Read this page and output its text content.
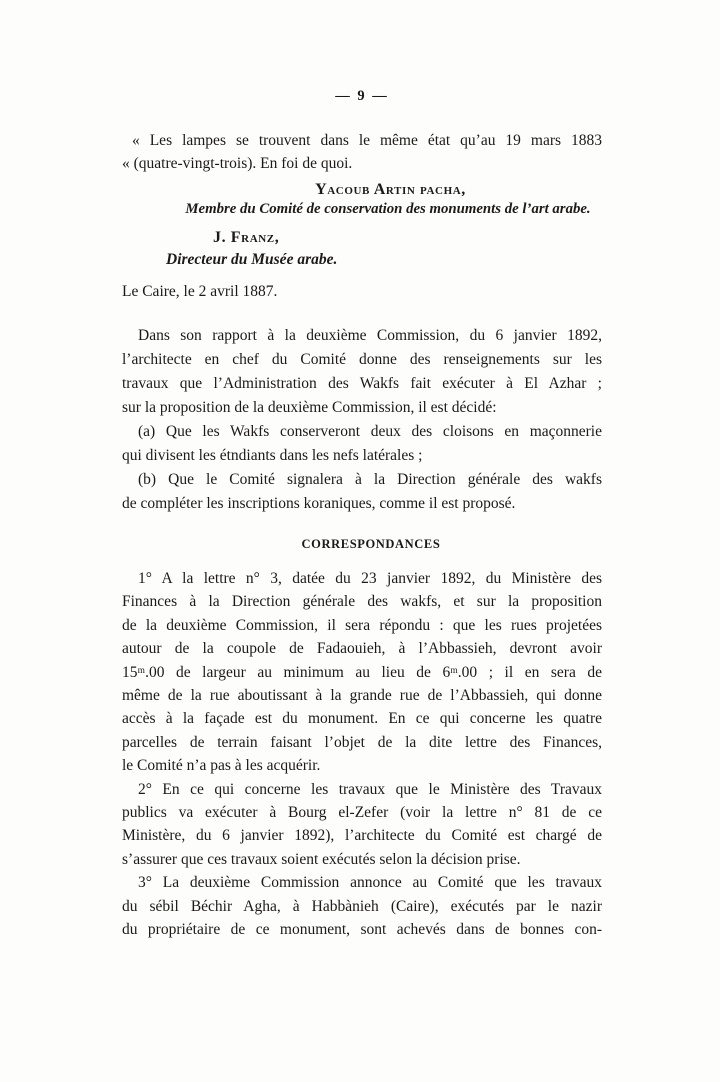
— 9 —
« Les lampes se trouvent dans le même état qu’au 19 mars 1883
« (quatre-vingt-trois). En foi de quoi.
Yacoub Artin pacha,
Membre du Comité de conservation des monuments de l’art arabe.
J. Franz,
Directeur du Musée arabe.
Le Caire, le 2 avril 1887.
Dans son rapport à la deuxième Commission, du 6 janvier 1892,
l’architecte en chef du Comité donne des renseignements sur les
travaux que l’Administration des Wakfs fait exécuter à El Azhar ;
sur la proposition de la deuxième Commission, il est décidé:
(a) Que les Wakfs conserveront deux des cloisons en maçonnerie
qui divisent les étndiants dans les nefs latérales ;
(b) Que le Comité signalera à la Direction générale des wakfs
de compléter les inscriptions koraniques, comme il est proposé.
CORRESPONDANCES
1° A la lettre n° 3, datée du 23 janvier 1892, du Ministère des
Finances à la Direction générale des wakfs, et sur la proposition
de la deuxième Commission, il sera répondu : que les rues projetées
autour de la coupole de Fadaouieh, à l’Abbassieh, devront avoir
15ᵐ.00 de largeur au minimum au lieu de 6ᵐ.00 ; il en sera de
même de la rue aboutissant à la grande rue de l’Abbassieh, qui donne
accès à la façade est du monument. En ce qui concerne les quatre
parcelles de terrain faisant l’objet de la dite lettre des Finances,
le Comité n’a pas à les acquérir.
2° En ce qui concerne les travaux que le Ministère des Travaux
publics va exécuter à Bourg el-Zefer (voir la lettre n° 81 de ce
Ministère, du 6 janvier 1892), l’architecte du Comité est chargé de
s’assurer que ces travaux soient exécutés selon la décision prise.
3° La deuxième Commission annonce au Comité que les travaux
du sébil Béchir Agha, à Habbànieh (Caire), exécutés par le nazir
du propriétaire de ce monument, sont achevés dans de bonnes con-
